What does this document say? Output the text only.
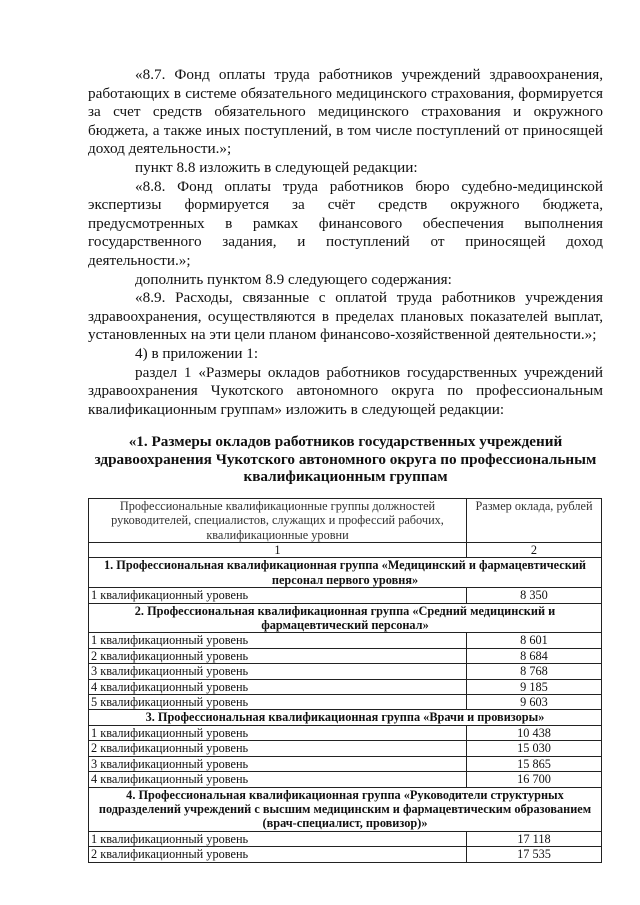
«8.7. Фонд оплаты труда работников учреждений здравоохранения, работающих в системе обязательного медицинского страхования, формируется за счет средств обязательного медицинского страхования и окружного бюджета, а также иных поступлений, в том числе поступлений от приносящей доход деятельности.»;

пункт 8.8 изложить в следующей редакции:

«8.8. Фонд оплаты труда работников бюро судебно-медицинской экспертизы формируется за счёт средств окружного бюджета, предусмотренных в рамках финансового обеспечения выполнения государственного задания, и поступлений от приносящей доход деятельности.»;

дополнить пунктом 8.9 следующего содержания:

«8.9. Расходы, связанные с оплатой труда работников учреждения здравоохранения, осуществляются в пределах плановых показателей выплат, установленных на эти цели планом финансово-хозяйственной деятельности.»;

4) в приложении 1:

раздел 1 «Размеры окладов работников государственных учреждений здравоохранения Чукотского автономного округа по профессиональным квалификационным группам» изложить в следующей редакции:

«1. Размеры окладов работников государственных учреждений здравоохранения Чукотского автономного округа по профессиональным квалификационным группам

Профессиональные квалификационные группы должностей руководителей, специалистов, служащих и профессий рабочих, квалификационные уровни	Размер оклада, рублей
1	2
1. Профессиональная квалификационная группа «Медицинский и фармацевтический персонал первого уровня»	
1 квалификационный уровень	8 350
2. Профессиональная квалификационная группа «Средний медицинский и фармацевтический персонал»	
1 квалификационный уровень	8 601
2 квалификационный уровень	8 684
3 квалификационный уровень	8 768
4 квалификационный уровень	9 185
5 квалификационный уровень	9 603
3. Профессиональная квалификационная группа «Врачи и провизоры»	
1 квалификационный уровень	10 438
2 квалификационный уровень	15 030
3 квалификационный уровень	15 865
4 квалификационный уровень	16 700
4. Профессиональная квалификационная группа «Руководители структурных подразделений учреждений с высшим медицинским и фармацевтическим образованием (врач-специалист, провизор)»	
1 квалификационный уровень	17 118
2 квалификационный уровень	17 535
